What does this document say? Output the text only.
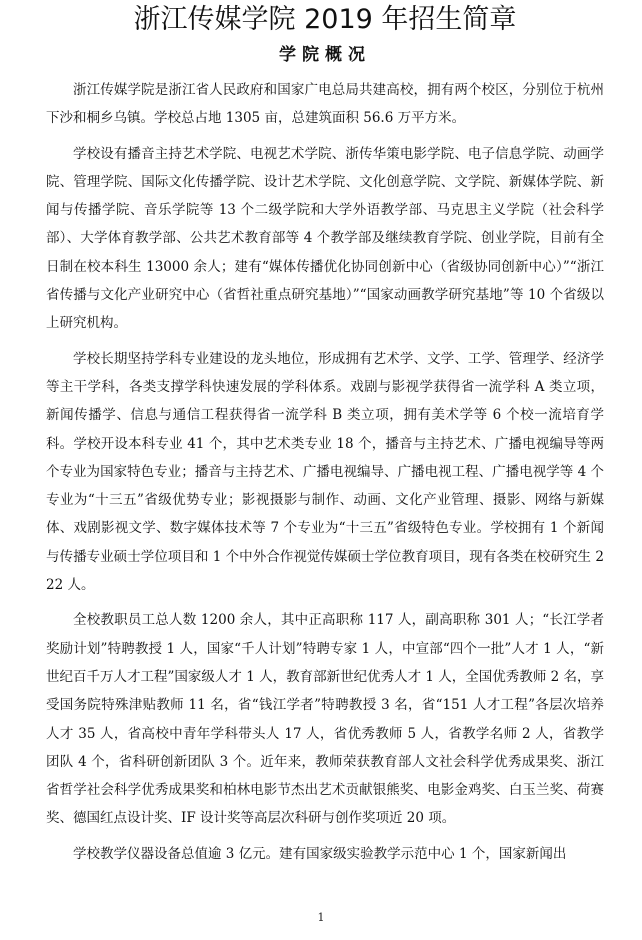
浙江传媒学院 2019 年招生简章
学院概况

浙江传媒学院是浙江省人民政府和国家广电总局共建高校，拥有两个校区，分别位于杭州下沙和桐乡乌镇。学校总占地 1305 亩，总建筑面积 56.6 万平方米。

学校设有播音主持艺术学院、电视艺术学院、浙传华策电影学院、电子信息学院、动画学院、管理学院、国际文化传播学院、设计艺术学院、文化创意学院、文学院、新媒体学院、新闻与传播学院、音乐学院等 13 个二级学院和大学外语教学部、马克思主义学院（社会科学部）、大学体育教学部、公共艺术教育部等 4 个教学部及继续教育学院、创业学院，目前有全日制在校本科生 13000 余人；建有“媒体传播优化协同创新中心（省级协同创新中心）”“浙江省传播与文化产业研究中心（省哲社重点研究基地）”“国家动画教学研究基地”等 10 个省级以上研究机构。

学校长期坚持学科专业建设的龙头地位，形成拥有艺术学、文学、工学、管理学、经济学等主干学科，各类支撑学科快速发展的学科体系。戏剧与影视学获得省一流学科 A 类立项，新闻传播学、信息与通信工程获得省一流学科 B 类立项，拥有美术学等 6 个校一流培育学科。学校开设本科专业 41 个，其中艺术类专业 18 个，播音与主持艺术、广播电视编导等两个专业为国家特色专业；播音与主持艺术、广播电视编导、广播电视工程、广播电视学等 4 个专业为“十三五”省级优势专业；影视摄影与制作、动画、文化产业管理、摄影、网络与新媒体、戏剧影视文学、数字媒体技术等 7 个专业为“十三五”省级特色专业。学校拥有 1 个新闻与传播专业硕士学位项目和 1 个中外合作视觉传媒硕士学位教育项目，现有各类在校研究生 222 人。

全校教职员工总人数 1200 余人，其中正高职称 117 人，副高职称 301 人；“长江学者奖励计划”特聘教授 1 人，国家“千人计划”特聘专家 1 人，中宣部“四个一批”人才 1 人，“新世纪百千万人才工程”国家级人才 1 人，教育部新世纪优秀人才 1 人，全国优秀教师 2 名，享受国务院特殊津贴教师 11 名，省“钱江学者”特聘教授 3 名，省“151 人才工程”各层次培养人才 35 人，省高校中青年学科带头人 17 人，省优秀教师 5 人，省教学名师 2 人，省教学团队 4 个，省科研创新团队 3 个。近年来，教师荣获教育部人文社会科学优秀成果奖、浙江省哲学社会科学优秀成果奖和柏林电影节杰出艺术贡献银熊奖、电影金鸡奖、白玉兰奖、荷赛奖、德国红点设计奖、IF 设计奖等高层次科研与创作奖项近 20 项。

学校教学仪器设备总值逾 3 亿元。建有国家级实验教学示范中心 1 个，国家新闻出

1
